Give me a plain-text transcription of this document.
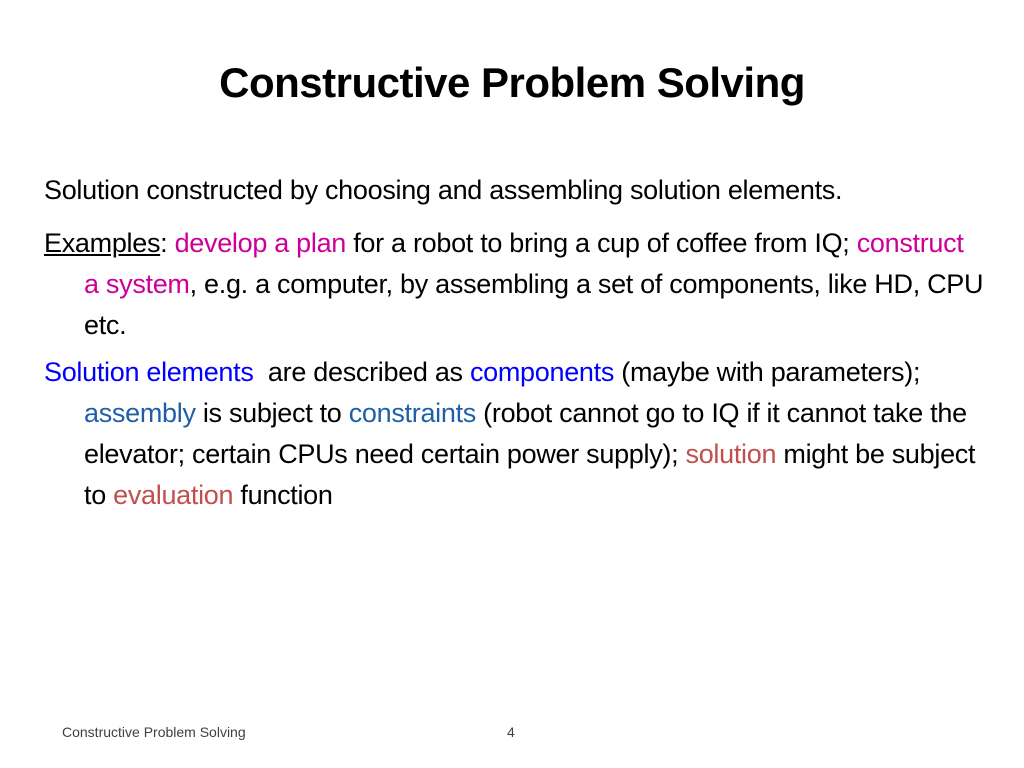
Constructive Problem Solving

Solution constructed by choosing and assembling solution elements.

Examples: develop a plan for a robot to bring a cup of coffee from IQ; construct a system, e.g. a computer, by assembling a set of components, like HD, CPU etc.

Solution elements  are described as components (maybe with parameters); assembly is subject to constraints (robot cannot go to IQ if it cannot take the elevator; certain CPUs need certain power supply); solution might be subject to evaluation function

Constructive Problem Solving	4
